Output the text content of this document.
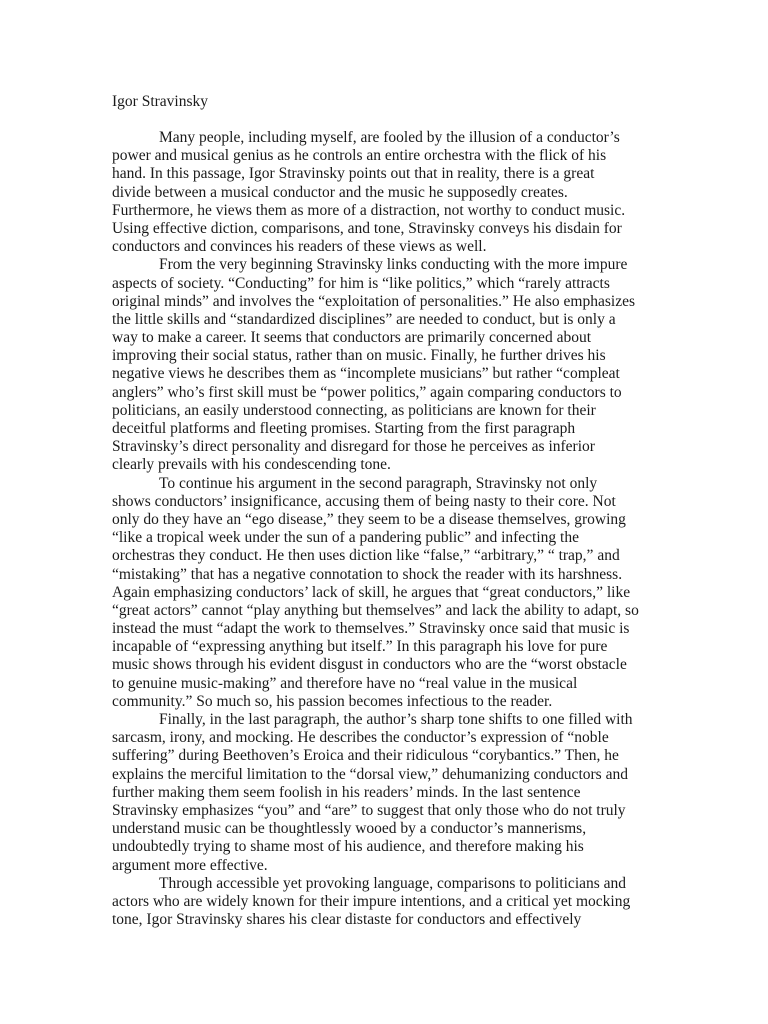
Igor Stravinsky
Many people, including myself, are fooled by the illusion of a conductor’s
power and musical genius as he controls an entire orchestra with the flick of his
hand. In this passage, Igor Stravinsky points out that in reality, there is a great
divide between a musical conductor and the music he supposedly creates.
Furthermore, he views them as more of a distraction, not worthy to conduct music.
Using effective diction, comparisons, and tone, Stravinsky conveys his disdain for
conductors and convinces his readers of these views as well.
From the very beginning Stravinsky links conducting with the more impure
aspects of society. “Conducting” for him is “like politics,” which “rarely attracts
original minds” and involves the “exploitation of personalities.” He also emphasizes
the little skills and “standardized disciplines” are needed to conduct, but is only a
way to make a career. It seems that conductors are primarily concerned about
improving their social status, rather than on music. Finally, he further drives his
negative views he describes them as “incomplete musicians” but rather “compleat
anglers” who’s first skill must be “power politics,” again comparing conductors to
politicians, an easily understood connecting, as politicians are known for their
deceitful platforms and fleeting promises. Starting from the first paragraph
Stravinsky’s direct personality and disregard for those he perceives as inferior
clearly prevails with his condescending tone.
To continue his argument in the second paragraph, Stravinsky not only
shows conductors’ insignificance, accusing them of being nasty to their core. Not
only do they have an “ego disease,” they seem to be a disease themselves, growing
“like a tropical week under the sun of a pandering public” and infecting the
orchestras they conduct. He then uses diction like “false,” “arbitrary,” “ trap,” and
“mistaking” that has a negative connotation to shock the reader with its harshness.
Again emphasizing conductors’ lack of skill, he argues that “great conductors,” like
“great actors” cannot “play anything but themselves” and lack the ability to adapt, so
instead the must “adapt the work to themselves.” Stravinsky once said that music is
incapable of “expressing anything but itself.” In this paragraph his love for pure
music shows through his evident disgust in conductors who are the “worst obstacle
to genuine music-making” and therefore have no “real value in the musical
community.” So much so, his passion becomes infectious to the reader.
Finally, in the last paragraph, the author’s sharp tone shifts to one filled with
sarcasm, irony, and mocking. He describes the conductor’s expression of “noble
suffering” during Beethoven’s Eroica and their ridiculous “corybantics.” Then, he
explains the merciful limitation to the “dorsal view,” dehumanizing conductors and
further making them seem foolish in his readers’ minds. In the last sentence
Stravinsky emphasizes “you” and “are” to suggest that only those who do not truly
understand music can be thoughtlessly wooed by a conductor’s mannerisms,
undoubtedly trying to shame most of his audience, and therefore making his
argument more effective.
Through accessible yet provoking language, comparisons to politicians and
actors who are widely known for their impure intentions, and a critical yet mocking
tone, Igor Stravinsky shares his clear distaste for conductors and effectively
